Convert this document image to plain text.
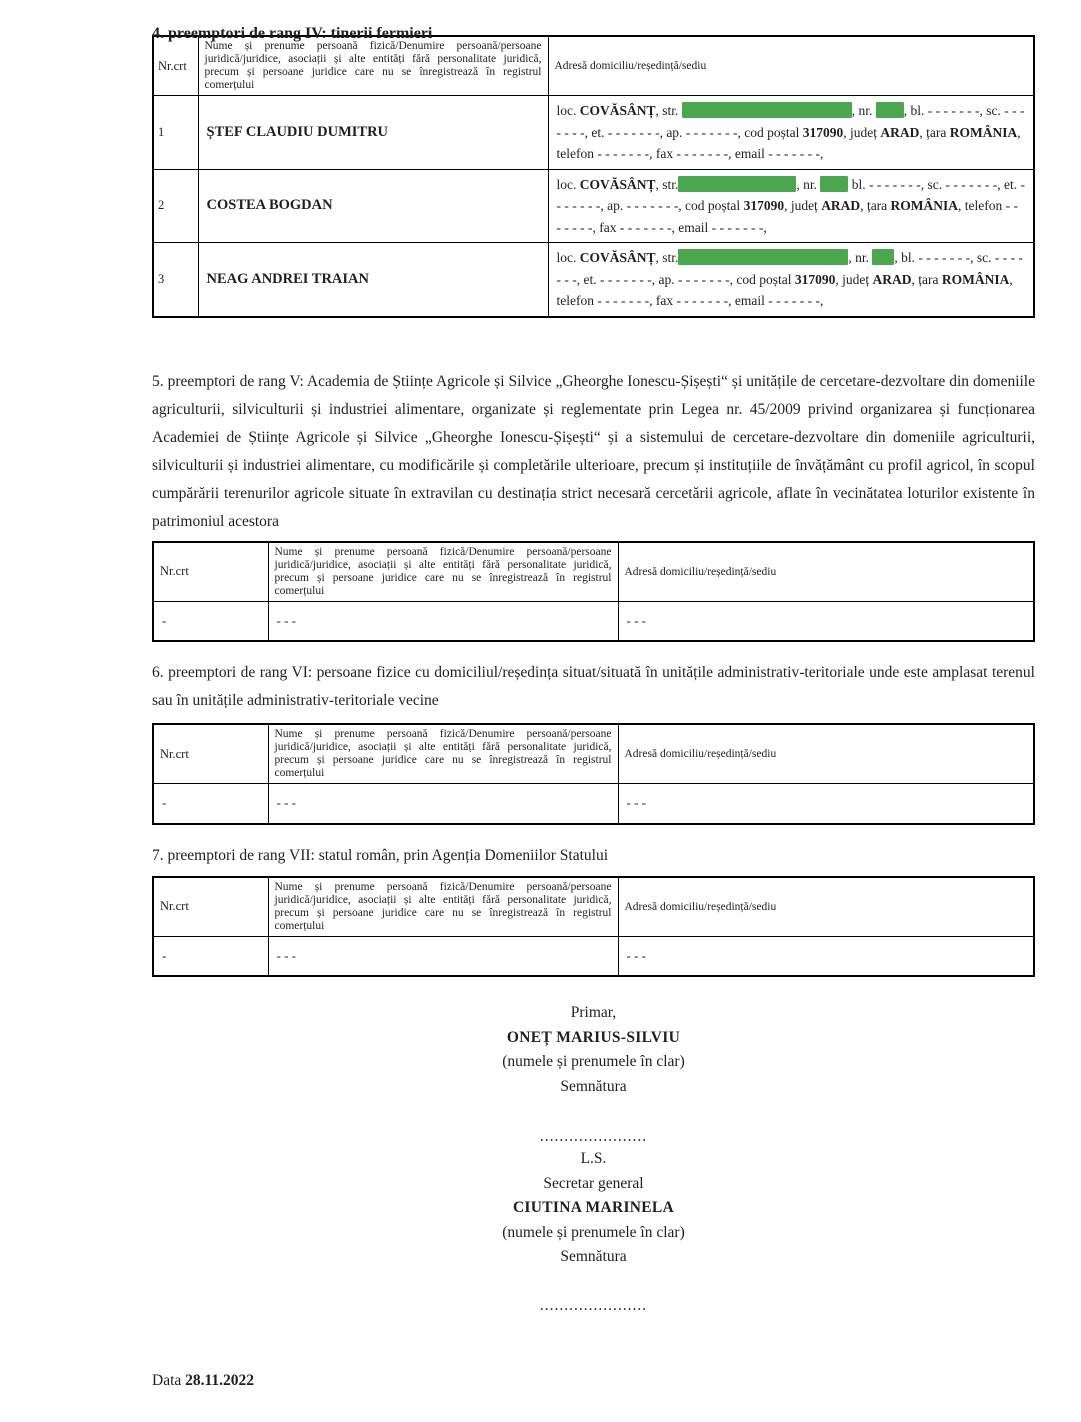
4. preemptori de rang IV: tinerii fermieri
Nr.crt	Nume și prenume persoană fizică/Denumire persoană/persoane juridică/juridice, asociații și alte entități fără personalitate juridică, precum și persoane juridice care nu se înregistrează în registrul comerțului	Adresă domiciliu/reședință/sediu
1	ȘTEF CLAUDIU DUMITRU	loc. COVĂSÂNȚ, str. , nr. , bl. - - - - - - -, sc. - - - - - - -, et. - - - - - - -, ap. - - - - - - -, cod poștal 317090, județ ARAD, țara ROMÂNIA, telefon - - - - - - -, fax - - - - - - -, email - - - - - - -,
2	COSTEA BOGDAN	loc. COVĂSÂNȚ, str. , nr.  bl. - - - - - - -, sc. - - - - - - -, et. - - - - - - -, ap. - - - - - - -, cod poștal 317090, județ ARAD, țara ROMÂNIA, telefon - - - - - - -, fax - - - - - - -, email - - - - - - -,
3	NEAG ANDREI TRAIAN	loc. COVĂSÂNȚ, str. , nr. , bl. - - - - - - -, sc. - - - - - - -, et. - - - - - - -, ap. - - - - - - -, cod poștal 317090, județ ARAD, țara ROMÂNIA, telefon - - - - - - -, fax - - - - - - -, email - - - - - - -,
5. preemptori de rang V: Academia de Științe Agricole și Silvice „Gheorghe Ionescu-Șișești“ și unitățile de cercetare-dezvoltare din domeniile agriculturii, silviculturii și industriei alimentare, organizate și reglementate prin Legea nr. 45/2009 privind organizarea și funcționarea Academiei de Științe Agricole și Silvice „Gheorghe Ionescu-Șișești“ și a sistemului de cercetare-dezvoltare din domeniile agriculturii, silviculturii și industriei alimentare, cu modificările și completările ulterioare, precum și instituțiile de învățământ cu profil agricol, în scopul cumpărării terenurilor agricole situate în extravilan cu destinația strict necesară cercetării agricole, aflate în vecinătatea loturilor existente în patrimoniul acestora
Nr.crt	Nume și prenume persoană fizică/Denumire persoană/persoane juridică/juridice, asociații și alte entități fără personalitate juridică, precum și persoane juridice care nu se înregistrează în registrul comerțului	Adresă domiciliu/reședință/sediu
-	- - -	- - -
6. preemptori de rang VI: persoane fizice cu domiciliul/reședința situat/situată în unitățile administrativ-teritoriale unde este amplasat terenul sau în unitățile administrativ-teritoriale vecine
Nr.crt	Nume și prenume persoană fizică/Denumire persoană/persoane juridică/juridice, asociații și alte entități fără personalitate juridică, precum și persoane juridice care nu se înregistrează în registrul comerțului	Adresă domiciliu/reședință/sediu
-	- - -	- - -
7. preemptori de rang VII: statul român, prin Agenția Domeniilor Statului
Nr.crt	Nume și prenume persoană fizică/Denumire persoană/persoane juridică/juridice, asociații și alte entități fără personalitate juridică, precum și persoane juridice care nu se înregistrează în registrul comerțului	Adresă domiciliu/reședință/sediu
-	- - -	- - -
Primar,
ONEȚ MARIUS-SILVIU
(numele și prenumele în clar)
Semnătura
......................
L.S.
Secretar general
CIUTINA MARINELA
(numele și prenumele în clar)
Semnătura
......................
Data 28.11.2022
